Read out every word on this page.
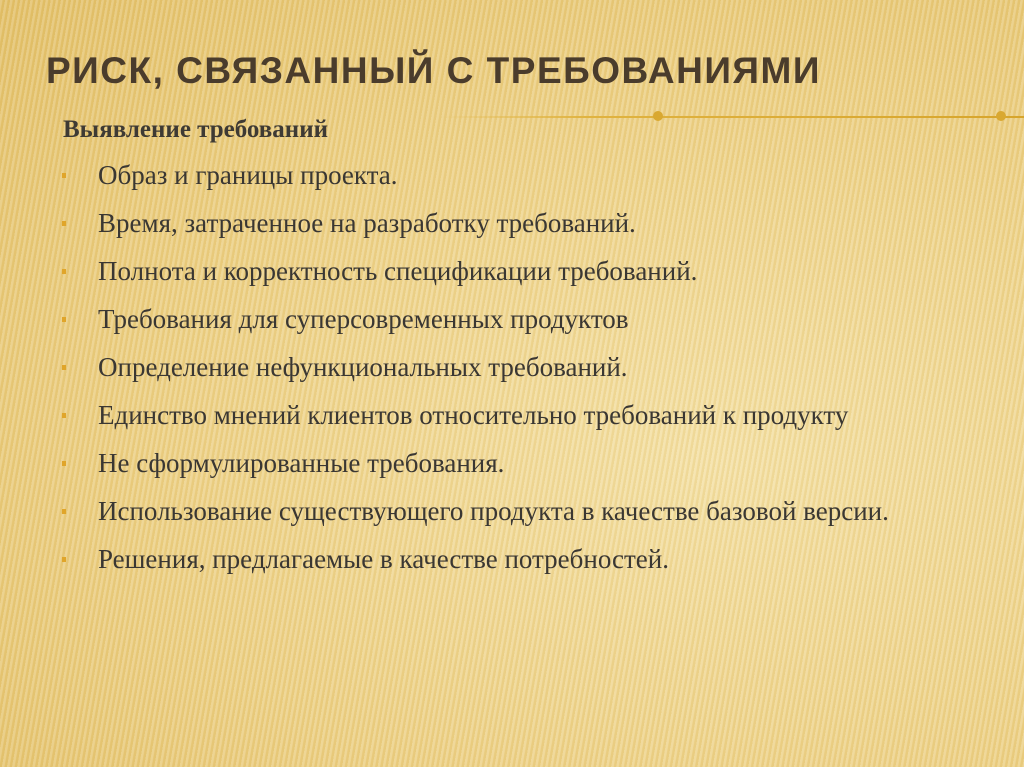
РИСК, СВЯЗАННЫЙ С ТРЕБОВАНИЯМИ
Выявление требований
Образ и границы проекта.
Время, затраченное на разработку требований.
Полнота и корректность спецификации требований.
Требования для суперсовременных продуктов
Определение нефункциональных требований.
Единство мнений клиентов относительно требований к продукту
Не сформулированные требования.
Использование существующего продукта в качестве базовой версии.
Решения, предлагаемые в качестве потребностей.
